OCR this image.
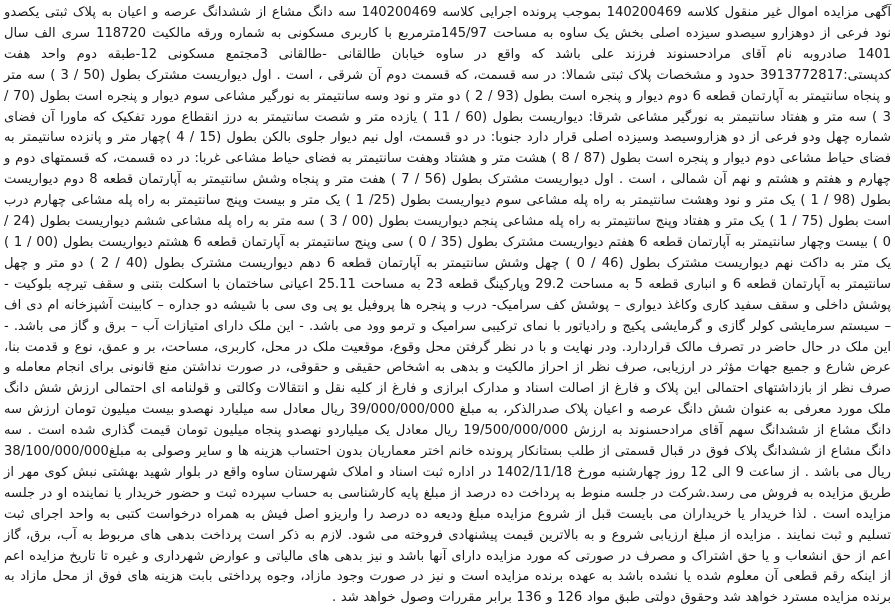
آگهی مزایده اموال غیر منقول کلاسه 140200469 بموجب پرونده اجرایی کلاسه 140200469 سه دانگ مشاع از ششدانگ عرصه و اعیان به پلاک ثبتی یکصدو نود فرعی از دوهزارو سیصدو سیزده اصلی بخش یک ساوه به مساحت 145/97مترمربع با کاربری مسکونی به شماره ورقه مالکیت 118720 سری الف سال 1401 صادروبه نام آقای مرادحسنوند فرزند علی باشد که واقع در ساوه خیابان طالقانی -طالقانی 3مجتمع مسکونی 12-طبقه دوم واحد هفت کدپستی:3913772817 حدود و مشخصات پلاک ثبتی شمالا: در سه قسمت، که قسمت دوم آن شرقی ، است . اول دیواریست مشترک بطول (50 / 3 ) سه متر و پنجاه سانتیمتر به آپارتمان قطعه 6 دوم دیوار و پنجره است بطول (93 / 2 ) دو متر و نود وسه سانتیمتر به نورگیر مشاعی سوم دیوار و پنجره است بطول (70 / 3 ) سه متر و هفتاد سانتیمتر به نورگیر مشاعی شرقا: دیواریست بطول (60 / 11 ) یازده متر و شصت سانتیمتر به درز انقطاع مورد تفکیک که ماورا آن فضای شماره چهل ودو فرعی از دو هزاروسیصد وسیزده اصلی قرار دارد جنوبا: در دو قسمت، اول نیم دیوار جلوی بالکن بطول (15 / 4 )چهار متر و پانزده سانتیمتر به فضای حیاط مشاعی دوم دیوار و پنجره است بطول (87 / 8 ) هشت متر و هشتاد وهفت سانتیمتر به فضای حیاط مشاعی غربا: در ده قسمت، که قسمتهای دوم و چهارم و هفتم و هشتم و نهم آن شمالی ، است . اول دیواریست مشترک بطول (56 / 7 ) هفت متر و پنجاه وشش سانتیمتر به آپارتمان قطعه 8 دوم دیواریست بطول (98 / 1 ) یک متر و نود وهشت سانتیمتر به راه پله مشاعی سوم دیواریست بطول (25/ 1 ) یک متر و بیست وپنج سانتیمتر به راه پله مشاعی چهارم درب است بطول (75 / 1 ) یک متر و هفتاد وپنج سانتیمتر به راه پله مشاعی پنجم دیواریست بطول (00 / 3 ) سه متر به راه پله مشاعی ششم دیواریست بطول (24 / 0 ) بیست وچهار سانتیمتر به آپارتمان قطعه 6 هفتم دیواریست مشترک بطول (35 / 0 ) سی وپنج سانتیمتر به آپارتمان قطعه 6 هشتم دیواریست بطول (00 / 1 ) یک متر به داکت نهم دیواریست مشترک بطول (46 / 0 ) چهل وشش سانتیمتر به آپارتمان قطعه 6 دهم دیواریست مشترک بطول (40 / 2 ) دو متر و چهل سانتیمتر به آپارتمان قطعه 6 و انباری قطعه 5 به مساحت 29.2 وپارکینگ قطعه 23 به مساحت 25.11 اعیانی ساختمان با اسکلت بتنی و سقف تیرچه بلوکیت - پوشش داخلی و سقف سفید کاری وکاغذ دیواری – پوشش کف سرامیک- درب و پنجره ها پروفیل یو پی وی سی با شیشه دو جداره – کابینت آشپزخانه ام دی اف – سیستم سرمایشی کولر گازی و گرمایشی پکیج و رادیاتور با نمای ترکیبی سرامیک و ترمو وود می باشد. - این ملک دارای امتیازات آب – برق و گاز می باشد. - این ملک در حال حاضر در تصرف مالک قراردارد. ودر نهایت و با در نظر گرفتن محل وقوع، موقعیت ملک در محل، کاربری، مساحت، بر و عمق، نوع و قدمت بنا، عرض شارع و جمیع جهات مؤثر در ارزیابی، صرف نظر از احراز مالکیت و بدهی به اشخاص حقیقی و حقوقی، در صورت نداشتن منع قانونی برای انجام معامله و صرف نظر از بازداشتهای احتمالی این پلاک و فارغ از اصالت اسناد و مدارک ابرازی و فارغ از کلیه نقل و انتقالات وکالتی و قولنامه ای احتمالی ارزش شش دانگ ملک مورد معرفی به عنوان شش دانگ عرصه و اعیان پلاک صدرالذکر، به مبلغ 39/000/000/000 ریال معادل سه میلیارد نهصدو بیست میلیون تومان ارزش سه دانگ مشاع از ششدانگ سهم آقای مرادحسنوند به ارزش 19/500/000/000 ریال معادل یک میلیاردو نهصدو پنجاه میلیون تومان قیمت گذاری شده است . سه دانگ مشاع از ششدانگ پلاک فوق در قبال قسمتی از طلب بستانکار پرونده خانم اختر معماریان بدون احتساب هزینه ها و سایر وصولی به مبلغ38/100/000/000 ریال می باشد . از ساعت 9 الی 12 روز چهارشنبه مورخ 1402/11/18 در اداره ثبت اسناد و املاک شهرستان ساوه واقع در بلوار شهید بهشتی نبش کوی مهر از طریق مزایده به فروش می رسد.شرکت در جلسه منوط به پرداخت ده درصد از مبلغ پایه کارشناسی به حساب سپرده ثبت و حضور خریدار یا نماینده او در جلسه مزایده است . لذا خریدار یا خریداران می بایست قبل از شروع مزایده مبلغ ودیعه ده درصد را واریزو اصل فیش به همراه درخواست کتبی به واحد اجرای ثبت تسلیم و ثبت نمایند . مزایده از مبلغ ارزیابی شروع و به بالاترین قیمت پیشنهادی فروخته می شود. لازم به ذکر است پرداخت بدهی های مربوط به آب، برق، گاز اعم از حق انشعاب و یا حق اشتراک و مصرف در صورتی که مورد مزایده دارای آنها باشد و نیز بدهی های مالیاتی و عوارض شهرداری و غیره تا تاریخ مزایده اعم از اینکه رقم قطعی آن معلوم شده یا نشده باشد به عهده برنده مزایده است و نیز در صورت وجود مازاد، وجوه پرداختی بابت هزینه های فوق از محل مازاد به برنده مزایده مسترد خواهد شد وحقوق دولتی طبق مواد 126 و 136 برابر مقررات وصول خواهد شد .
